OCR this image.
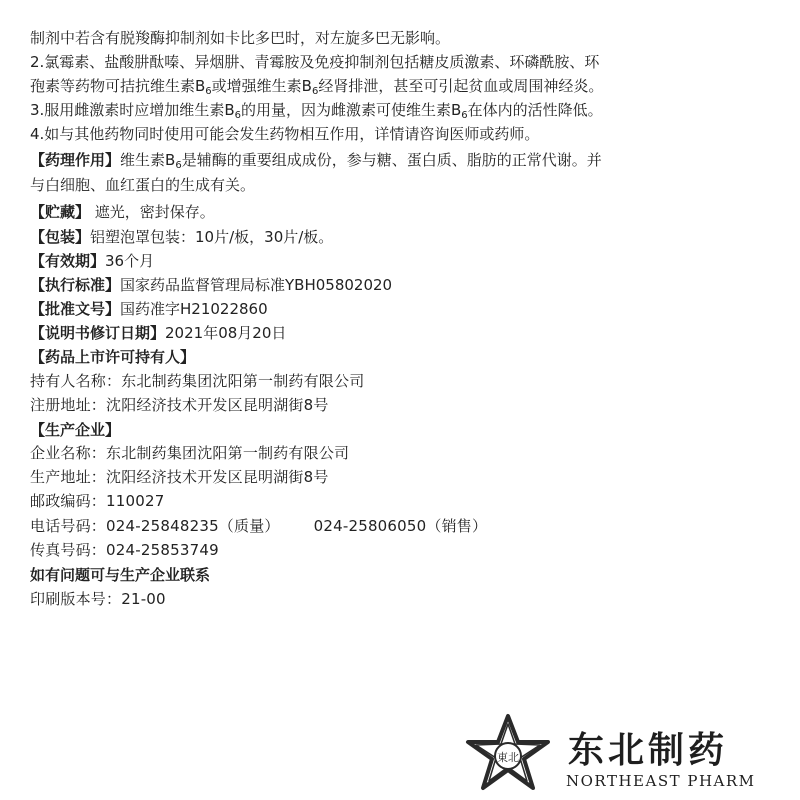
制剂中若含有脱羧酶抑制剂如卡比多巴时，对左旋多巴无影响。
2.氯霉素、盐酸肼酞嗪、异烟肼、青霉胺及免疫抑制剂包括糖皮质激素、环磷酰胺、环
孢素等药物可拮抗维生素$B_6$或增强维生素$B_6$经肾排泄，甚至可引起贫血或周围神经炎。
3.服用雌激素时应增加维生素$B_6$的用量，因为雌激素可使维生素$B_6$在体内的活性降低。
4.如与其他药物同时使用可能会发生药物相互作用，详情请咨询医师或药师。
【药理作用】维生素$B_6$是辅酶的重要组成成份，参与糖、蛋白质、脂肪的正常代谢。并
与白细胞、血红蛋白的生成有关。
【贮藏】 遮光，密封保存。
【包装】铝塑泡罩包装：10片/板，30片/板。
【有效期】36个月
【执行标准】国家药品监督管理局标准YBH05802020
【批准文号】国药准字H21022860
【说明书修订日期】2021年08月20日
【药品上市许可持有人】
持有人名称：东北制药集团沈阳第一制药有限公司
注册地址：沈阳经济技术开发区昆明湖街8号
【生产企业】
企业名称：东北制药集团沈阳第一制药有限公司
生产地址：沈阳经济技术开发区昆明湖街8号
邮政编码：110027
电话号码：024-25848235（质量） 024-25806050（销售）
传真号码：024-25853749
如有问题可与生产企业联系
印刷版本号：21-00
東北 东北制药
NORTHEAST PHARM
